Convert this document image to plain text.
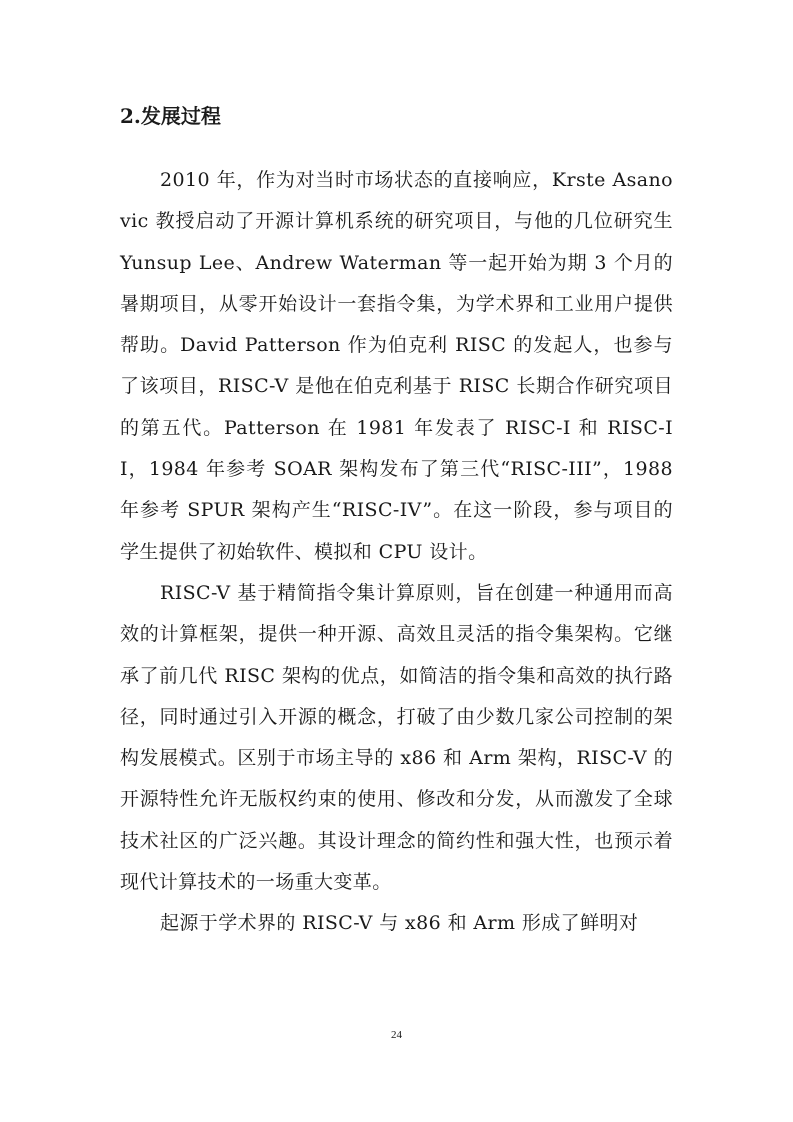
2.发展过程

2010 年，作为对当时市场状态的直接响应，Krste Asanovic 教授启动了开源计算机系统的研究项目，与他的几位研究生 Yunsup Lee、Andrew Waterman 等一起开始为期 3 个月的暑期项目，从零开始设计一套指令集，为学术界和工业用户提供帮助。David Patterson 作为伯克利 RISC 的发起人，也参与了该项目，RISC-V 是他在伯克利基于 RISC 长期合作研究项目的第五代。Patterson 在 1981 年发表了 RISC-I 和 RISC-II，1984 年参考 SOAR 架构发布了第三代“RISC-III”，1988 年参考 SPUR 架构产生“RISC-IV”。在这一阶段，参与项目的学生提供了初始软件、模拟和 CPU 设计。

RISC-V 基于精简指令集计算原则，旨在创建一种通用而高效的计算框架，提供一种开源、高效且灵活的指令集架构。它继承了前几代 RISC 架构的优点，如简洁的指令集和高效的执行路径，同时通过引入开源的概念，打破了由少数几家公司控制的架构发展模式。区别于市场主导的 x86 和 Arm 架构，RISC-V 的开源特性允许无版权约束的使用、修改和分发，从而激发了全球技术社区的广泛兴趣。其设计理念的简约性和强大性，也预示着现代计算技术的一场重大变革。

起源于学术界的 RISC-V 与 x86 和 Arm 形成了鲜明对

24
